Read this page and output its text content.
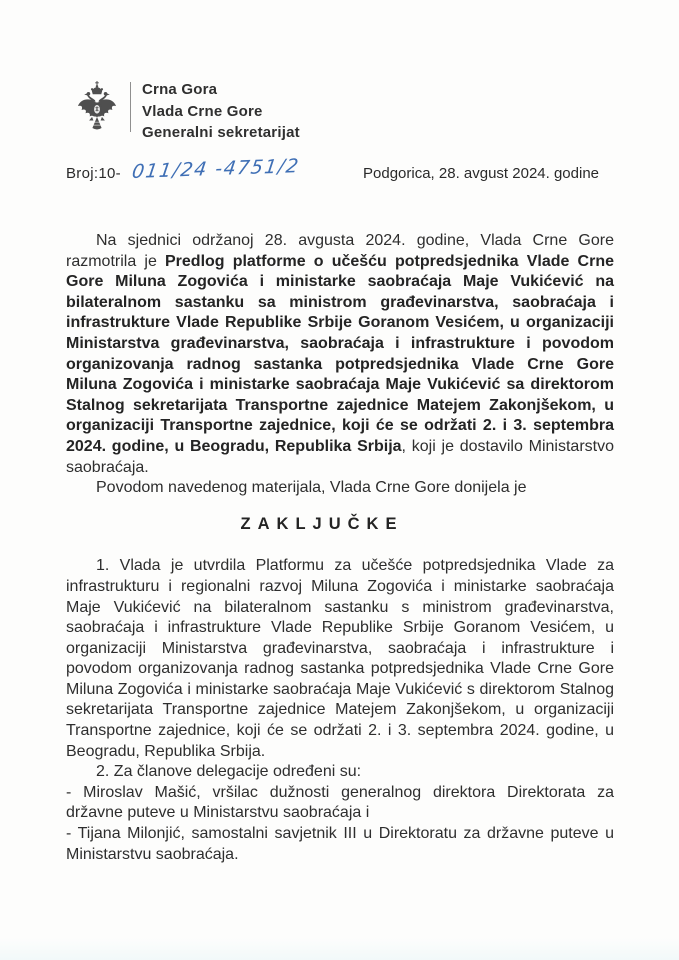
Crna Gora
Vlada Crne Gore
Generalni sekretarijat
Broj:10- 011/24 -4751/2	Podgorica, 28. avgust 2024. godine

Na sjednici održanoj 28. avgusta 2024. godine, Vlada Crne Gore razmotrila je Predlog platforme o učešću potpredsjednika Vlade Crne Gore Miluna Zogovića i ministarke saobraćaja Maje Vukićević na bilateralnom sastanku sa ministrom građevinarstva, saobraćaja i infrastrukture Vlade Republike Srbije Goranom Vesićem, u organizaciji Ministarstva građevinarstva, saobraćaja i infrastrukture i povodom organizovanja radnog sastanka potpredsjednika Vlade Crne Gore Miluna Zogovića i ministarke saobraćaja Maje Vukićević sa direktorom Stalnog sekretarijata Transportne zajednice Matejem Zakonjšekom, u organizaciji Transportne zajednice, koji će se održati 2. i 3. septembra 2024. godine, u Beogradu, Republika Srbija, koji je dostavilo Ministarstvo saobraćaja.

Povodom navedenog materijala, Vlada Crne Gore donijela je

ZAKLJUČKE

1. Vlada je utvrdila Platformu za učešće potpredsjednika Vlade za infrastrukturu i regionalni razvoj Miluna Zogovića i ministarke saobraćaja Maje Vukićević na bilateralnom sastanku s ministrom građevinarstva, saobraćaja i infrastrukture Vlade Republike Srbije Goranom Vesićem, u organizaciji Ministarstva građevinarstva, saobraćaja i infrastrukture i povodom organizovanja radnog sastanka potpredsjednika Vlade Crne Gore Miluna Zogovića i ministarke saobraćaja Maje Vukićević s direktorom Stalnog sekretarijata Transportne zajednice Matejem Zakonjšekom, u organizaciji Transportne zajednice, koji će se održati 2. i 3. septembra 2024. godine, u Beogradu, Republika Srbija.

2. Za članove delegacije određeni su:

- Miroslav Mašić, vršilac dužnosti generalnog direktora Direktorata za državne puteve u Ministarstvu saobraćaja i

- Tijana Milonjić, samostalni savjetnik III u Direktoratu za državne puteve u Ministarstvu saobraćaja.
